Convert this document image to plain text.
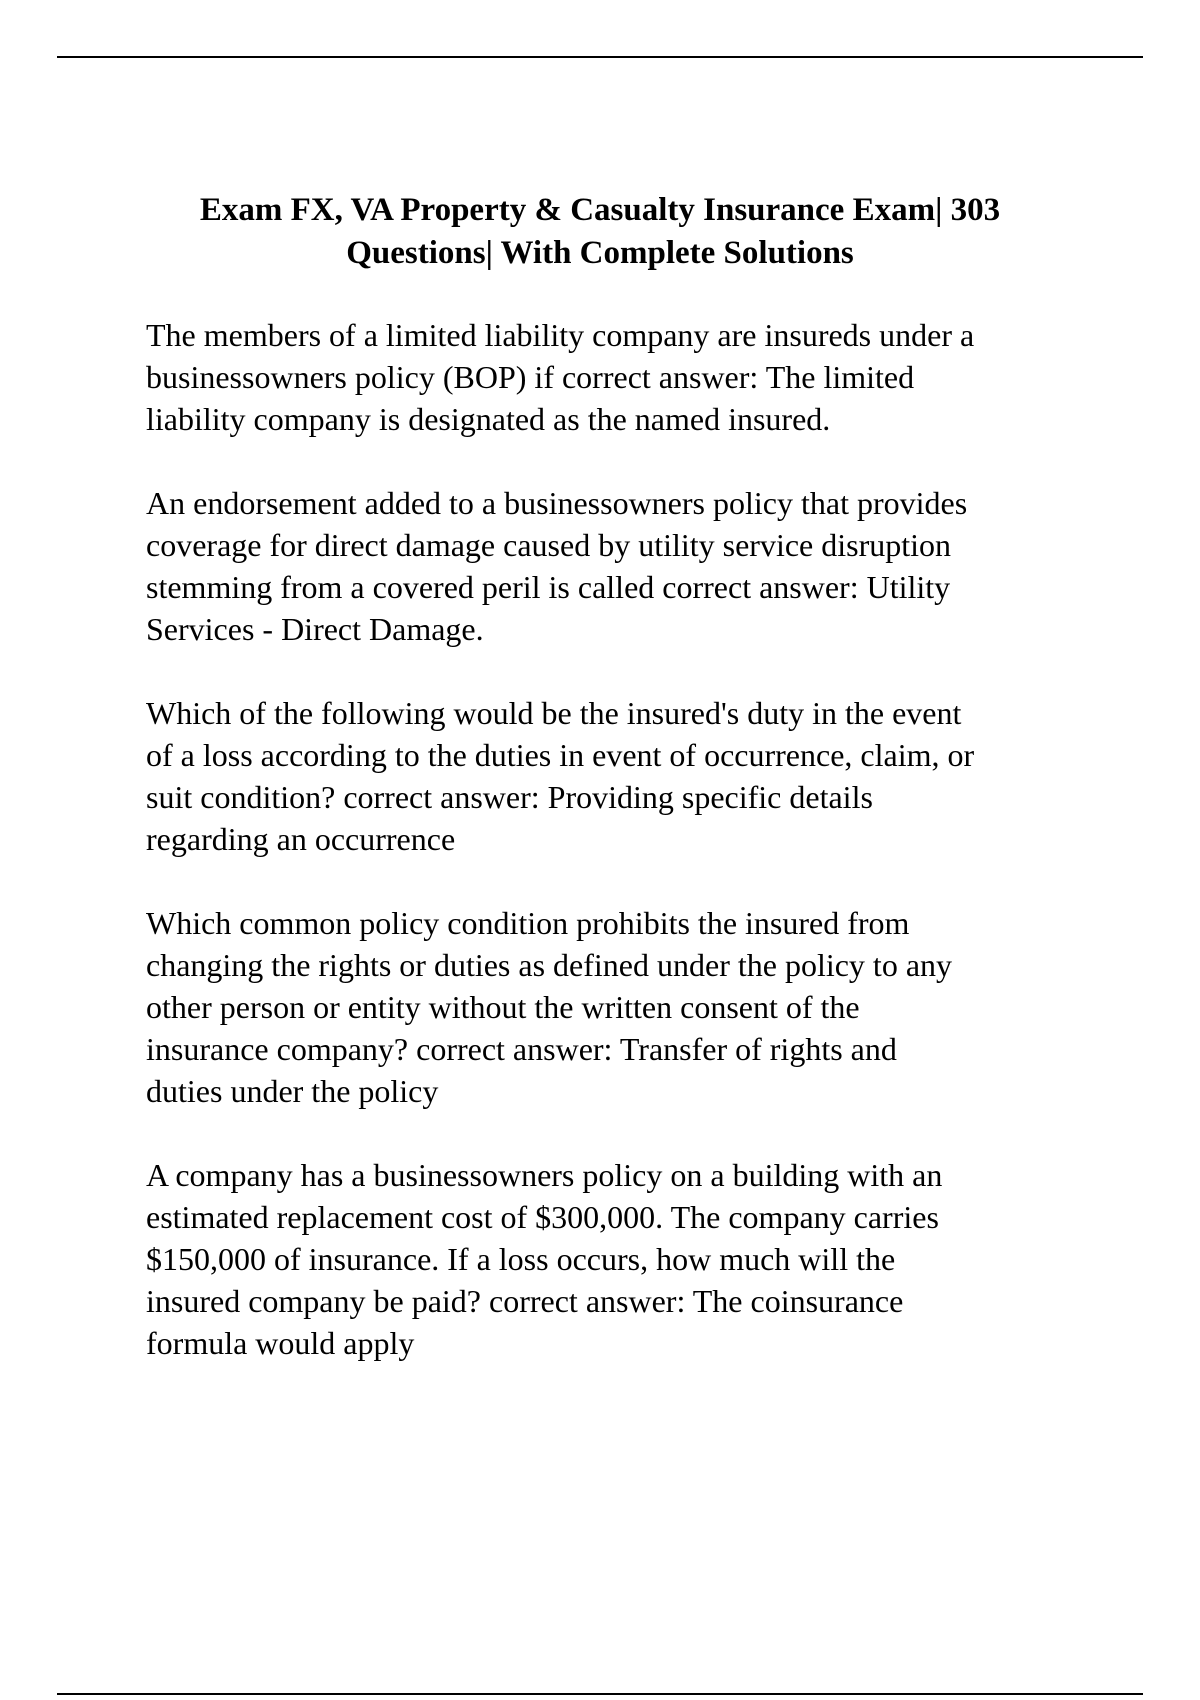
Exam FX, VA Property & Casualty Insurance Exam| 303
Questions| With Complete Solutions

The members of a limited liability company are insureds under a
businessowners policy (BOP) if correct answer: The limited
liability company is designated as the named insured.

An endorsement added to a businessowners policy that provides
coverage for direct damage caused by utility service disruption
stemming from a covered peril is called correct answer: Utility
Services - Direct Damage.

Which of the following would be the insured's duty in the event
of a loss according to the duties in event of occurrence, claim, or
suit condition? correct answer: Providing specific details
regarding an occurrence

Which common policy condition prohibits the insured from
changing the rights or duties as defined under the policy to any
other person or entity without the written consent of the
insurance company? correct answer: Transfer of rights and
duties under the policy

A company has a businessowners policy on a building with an
estimated replacement cost of $300,000. The company carries
$150,000 of insurance. If a loss occurs, how much will the
insured company be paid? correct answer: The coinsurance
formula would apply
